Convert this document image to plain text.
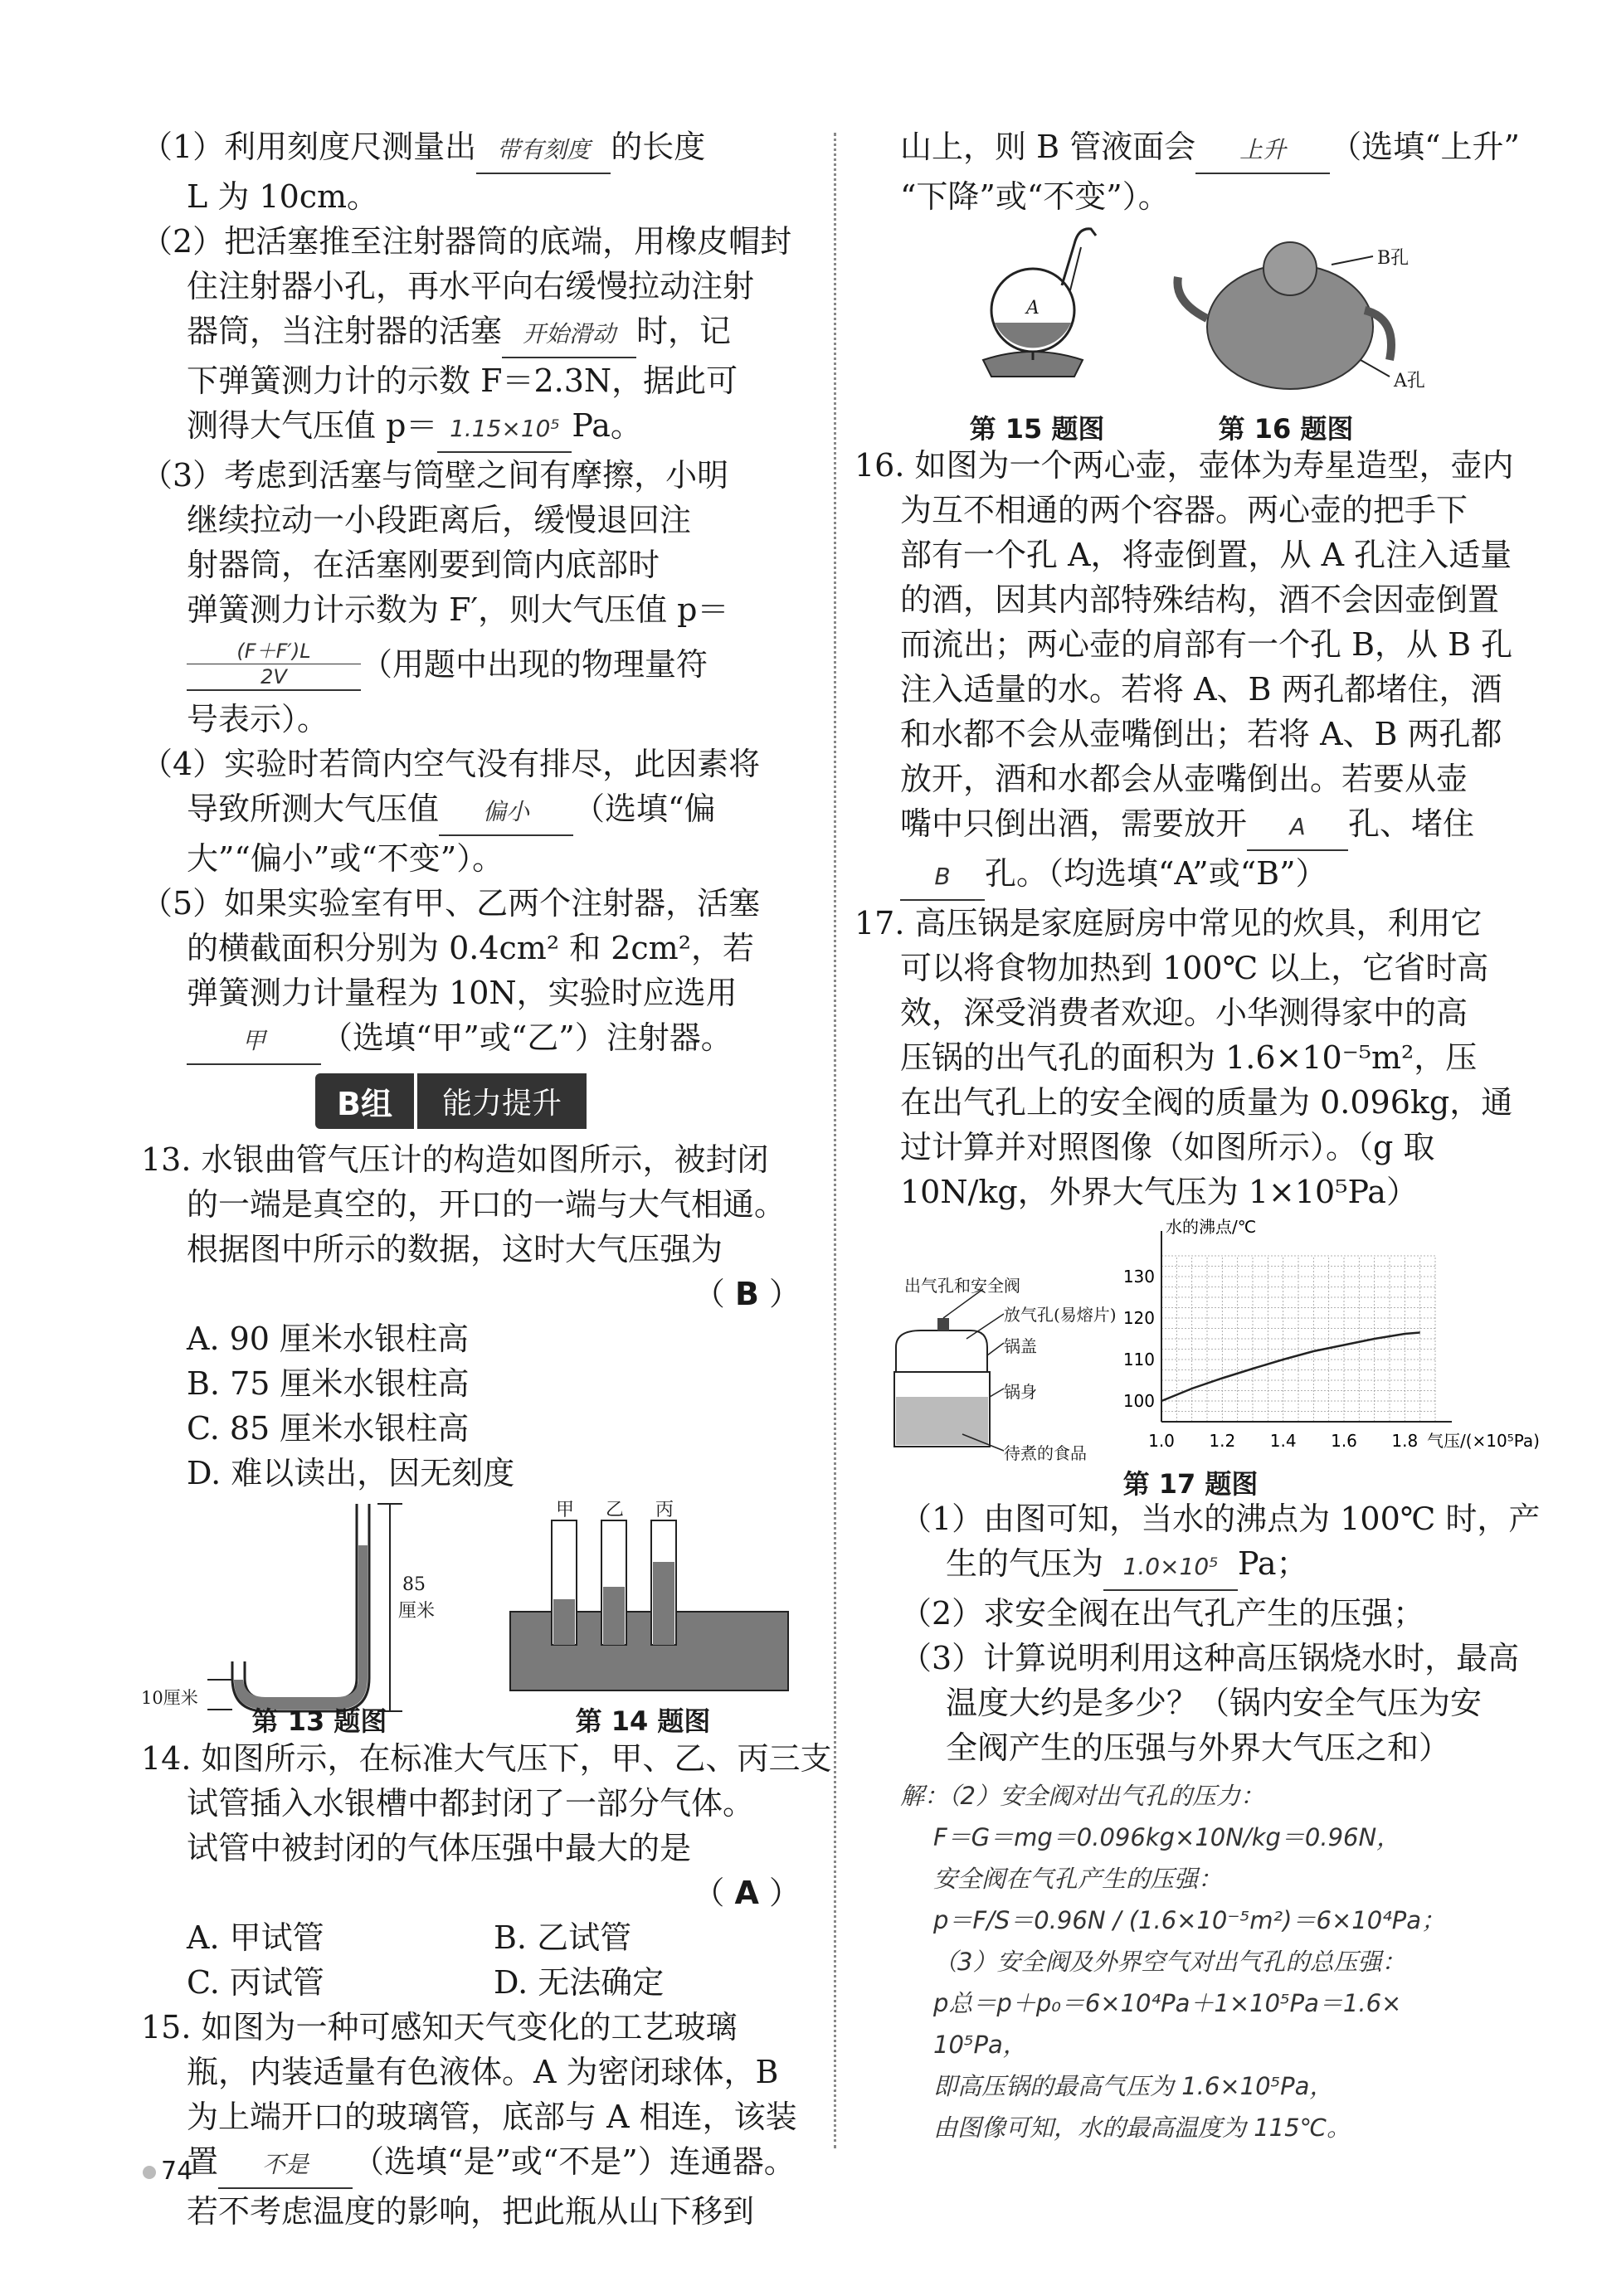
（1）利用刻度尺测量出 带有刻度 的长度
L 为 10cm。
（2）把活塞推至注射器筒的底端，用橡皮帽封
住注射器小孔，再水平向右缓慢拉动注射
器筒，当注射器的活塞 开始滑动 时，记
下弹簧测力计的示数 F＝2.3N，据此可
测得大气压值 p＝ 1.15×10⁵ Pa。
（3）考虑到活塞与筒壁之间有摩擦，小明
继续拉动一小段距离后，缓慢退回注
射器筒，在活塞刚要到筒内底部时
弹簧测力计示数为 F′，则大气压值 p＝
$\frac{(F+F')L}{2V}$ （用题中出现的物理量符
号表示）。
（4）实验时若筒内空气没有排尽，此因素将
导致所测大气压值 偏小 （选填“偏
大”“偏小”或“不变”）。
（5）如果实验室有甲、乙两个注射器，活塞
的横截面积分别为 0.4cm² 和 2cm²，若
弹簧测力计量程为 10N，实验时应选用
甲 （选填“甲”或“乙”）注射器。
B组	能力提升
13. 水银曲管气压计的构造如图所示，被封闭
的一端是真空的，开口的一端与大气相通。
根据图中所示的数据，这时大气压强为
（ B ）
A. 90 厘米水银柱高
B. 75 厘米水银柱高
C. 85 厘米水银柱高
D. 难以读出，因无刻度
85
厘米
10厘米
甲 乙 丙
第 13 题图	第 14 题图
14. 如图所示，在标准大气压下，甲、乙、丙三支
试管插入水银槽中都封闭了一部分气体。
试管中被封闭的气体压强中最大的是
（ A ）
A. 甲试管	B. 乙试管
C. 丙试管	D. 无法确定
15. 如图为一种可感知天气变化的工艺玻璃
瓶，内装适量有色液体。A 为密闭球体，B
为上端开口的玻璃管，底部与 A 相连，该装
置 不是 （选填“是”或“不是”）连通器。
若不考虑温度的影响，把此瓶从山下移到
山上，则 B 管液面会 上升 （选填“上升”
“下降”或“不变”）。
A
B孔
A孔
第 15 题图	第 16 题图
16. 如图为一个两心壶，壶体为寿星造型，壶内
为互不相通的两个容器。两心壶的把手下
部有一个孔 A，将壶倒置，从 A 孔注入适量
的酒，因其内部特殊结构，酒不会因壶倒置
而流出；两心壶的肩部有一个孔 B，从 B 孔
注入适量的水。若将 A、B 两孔都堵住，酒
和水都不会从壶嘴倒出；若将 A、B 两孔都
放开，酒和水都会从壶嘴倒出。若要从壶
嘴中只倒出酒，需要放开 A 孔、堵住
B 孔。（均选填“A”或“B”）
17. 高压锅是家庭厨房中常见的炊具，利用它
可以将食物加热到 100℃ 以上，它省时高
效，深受消费者欢迎。小华测得家中的高
压锅的出气孔的面积为 1.6×10⁻⁵m²，压
在出气孔上的安全阀的质量为 0.096kg，通
过计算并对照图像（如图所示）。（g 取
10N/kg，外界大气压为 1×10⁵Pa）
出气孔和安全阀
放气孔(易熔片)
锅盖
锅身
待煮的食品
1.0 1.2 1.4 1.6 1.8
100
110
120
130
水的沸点/℃
气压/(×10⁵Pa)
第 17 题图
（1）由图可知，当水的沸点为 100℃ 时，产
生的气压为 1.0×10⁵ Pa；
（2）求安全阀在出气孔产生的压强；
（3）计算说明利用这种高压锅烧水时，最高
温度大约是多少？（锅内安全气压为安
全阀产生的压强与外界大气压之和）
解：（2）安全阀对出气孔的压力：
F＝G＝mg＝0.096kg×10N/kg＝0.96N，
安全阀在气孔产生的压强：
p＝F/S＝0.96N / (1.6×10⁻⁵m²)＝6×10⁴Pa；
（3）安全阀及外界空气对出气孔的总压强：
p总＝p＋p₀＝6×10⁴Pa＋1×10⁵Pa＝1.6×
10⁵Pa，
即高压锅的最高气压为 1.6×10⁵Pa，
由图像可知，水的最高温度为 115℃。
74
